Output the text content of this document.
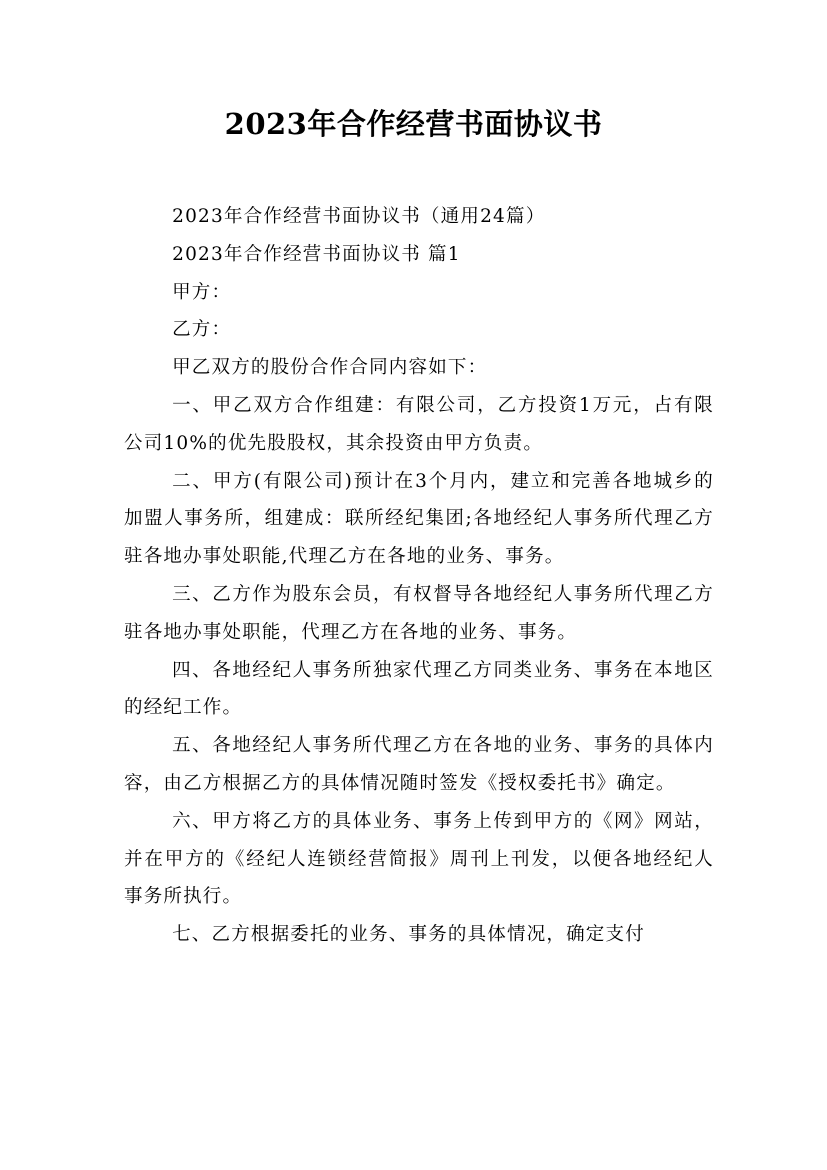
2023年合作经营书面协议书

2023年合作经营书面协议书（通用24篇）

2023年合作经营书面协议书 篇1

甲方：

乙方：

甲乙双方的股份合作合同内容如下：

一、甲乙双方合作组建：有限公司，乙方投资1万元，占有限公司10%的优先股股权，其余投资由甲方负责。

二、甲方(有限公司)预计在3个月内，建立和完善各地城乡的加盟人事务所，组建成：联所经纪集团;各地经纪人事务所代理乙方驻各地办事处职能,代理乙方在各地的业务、事务。

三、乙方作为股东会员，有权督导各地经纪人事务所代理乙方驻各地办事处职能，代理乙方在各地的业务、事务。

四、各地经纪人事务所独家代理乙方同类业务、事务在本地区的经纪工作。

五、各地经纪人事务所代理乙方在各地的业务、事务的具体内容，由乙方根据乙方的具体情况随时签发《授权委托书》确定。

六、甲方将乙方的具体业务、事务上传到甲方的《网》网站，并在甲方的《经纪人连锁经营简报》周刊上刊发，以便各地经纪人事务所执行。

七、乙方根据委托的业务、事务的具体情况，确定支付
